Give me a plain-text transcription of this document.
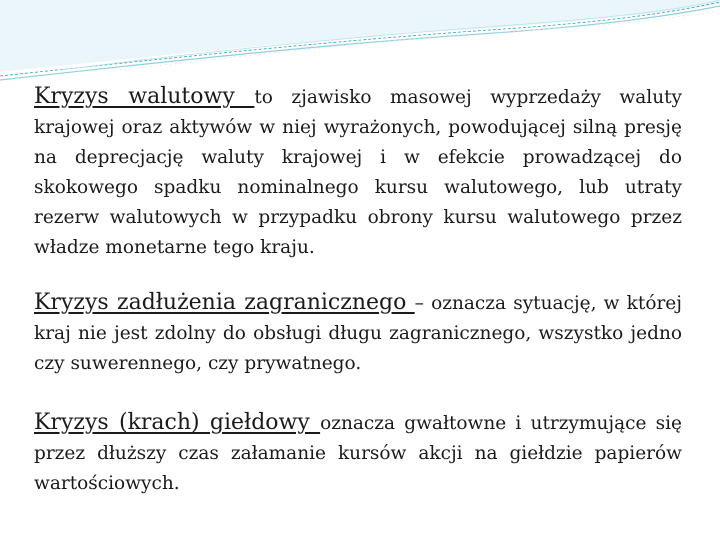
Kryzys walutowy to zjawisko masowej wyprzedaży waluty krajowej oraz aktywów w niej wyrażonych, powodującej silną presję na deprecjację waluty krajowej i w efekcie prowadzącej do skokowego spadku nominalnego kursu walutowego, lub utraty rezerw walutowych w przypadku obrony kursu walutowego przez władze monetarne tego kraju.

Kryzys zadłużenia zagranicznego – oznacza sytuację, w której kraj nie jest zdolny do obsługi długu zagranicznego, wszystko jedno czy suwerennego, czy prywatnego.

Kryzys (krach) giełdowy oznacza gwałtowne i utrzymujące się przez dłuższy czas załamanie kursów akcji na giełdzie papierów wartościowych.
